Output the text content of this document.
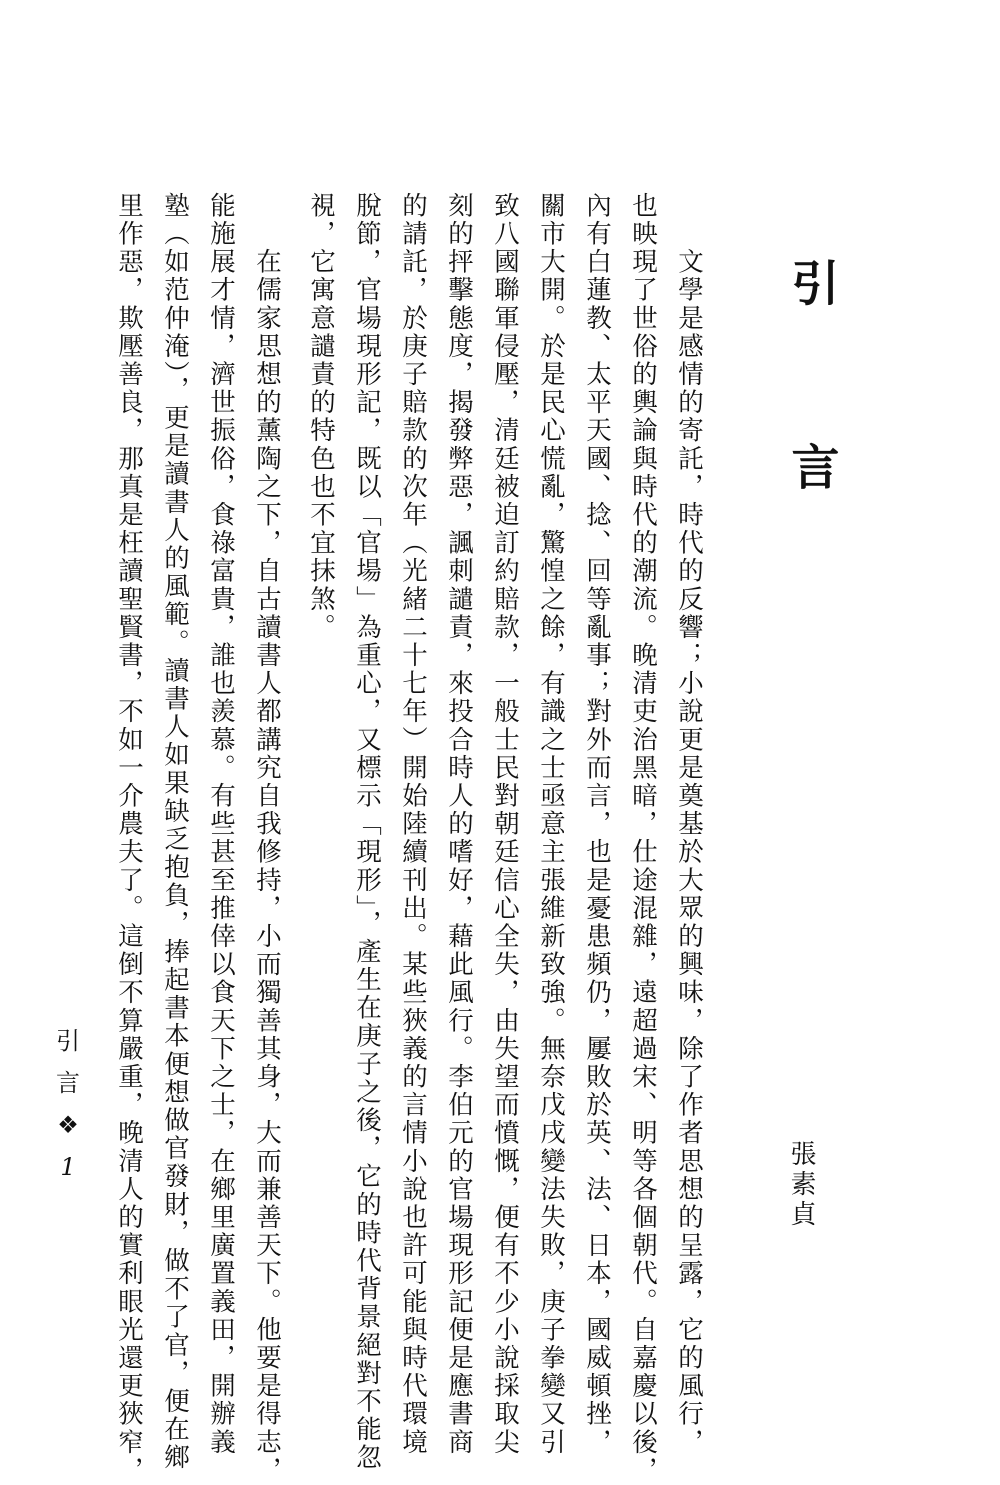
引　言
張素貞
　　文學是感情的寄託，時代的反響；小說更是奠基於大眾的興味，除了作者思想的呈露，它的風行，
也映現了世俗的輿論與時代的潮流。晚清吏治黑暗，仕途混雜，遠超過宋、明等各個朝代。自嘉慶以後，
內有白蓮教、太平天國、捻、回等亂事；對外而言，也是憂患頻仍，屢敗於英、法、日本，國威頓挫，
關市大開。於是民心慌亂，驚惶之餘，有識之士亟意主張維新致強。無奈戊戌變法失敗，庚子拳變又引
致八國聯軍侵壓，清廷被迫訂約賠款，一般士民對朝廷信心全失，由失望而憤慨，便有不少小說採取尖
刻的抨擊態度，揭發弊惡，諷刺譴責，來投合時人的嗜好，藉此風行。李伯元的官場現形記便是應書商
的請託，於庚子賠款的次年（光緒二十七年）開始陸續刊出。某些狹義的言情小說也許可能與時代環境
脫節，官場現形記，既以「官場」為重心，又標示「現形」，產生在庚子之後，它的時代背景絕對不能忽
視，它寓意譴責的特色也不宜抹煞。
　　在儒家思想的薰陶之下，自古讀書人都講究自我修持，小而獨善其身，大而兼善天下。他要是得志，
能施展才情，濟世振俗，食祿富貴，誰也羨慕。有些甚至推倖以食天下之士，在鄉里廣置義田，開辦義
塾（如范仲淹），更是讀書人的風範。讀書人如果缺乏抱負，捧起書本便想做官發財，做不了官，便在鄉
里作惡，欺壓善良，那真是枉讀聖賢書，不如一介農夫了。這倒不算嚴重，晚清人的實利眼光還更狹窄，
引
言
❖
1
